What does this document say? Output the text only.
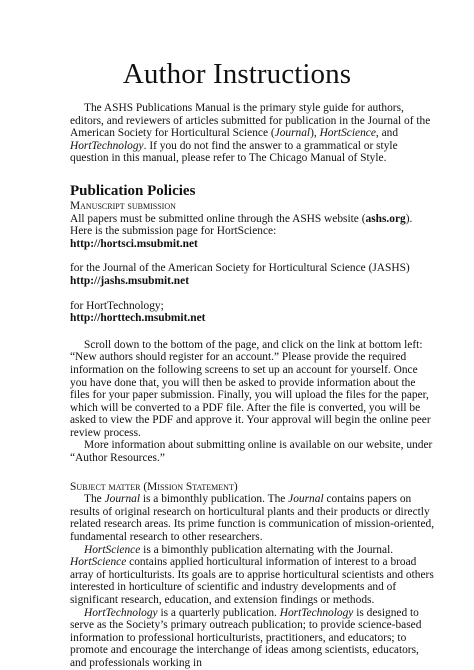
Author Instructions

The ASHS Publications Manual is the primary style guide for authors, editors, and reviewers of articles submitted for publication in the Journal of the American Society for Horticultural Science (Journal), HortScience, and HortTechnology. If you do not find the answer to a grammatical or style question in this manual, please refer to The Chicago Manual of Style.

Publication Policies
Manuscript submission

All papers must be submitted online through the ASHS website (ashs.org). Here is the submission page for HortScience:

http://hortsci.msubmit.net

for the Journal of the American Society for Horticultural Science (JASHS)

http://jashs.msubmit.net

for HortTechnology;

http://horttech.msubmit.net

Scroll down to the bottom of the page, and click on the link at bottom left: “New authors should register for an account.” Please provide the required information on the following screens to set up an account for yourself. Once you have done that, you will then be asked to provide information about the files for your paper submission. Finally, you will upload the files for the paper, which will be converted to a PDF file. After the file is converted, you will be asked to view the PDF and approve it. Your approval will begin the online peer review process.

More information about submitting online is available on our website, under “Author Resources.”

Subject matter (Mission Statement)

The Journal is a bimonthly publication. The Journal contains papers on results of original research on horticultural plants and their products or directly related research areas. Its prime function is communication of mission-oriented, fundamental research to other researchers.

HortScience is a bimonthly publication alternating with the Journal. HortScience contains applied horticultural information of interest to a broad array of horticulturists. Its goals are to apprise horticultural scientists and others interested in horticulture of scientific and industry developments and of significant research, education, and extension findings or methods.

HortTechnology is a quarterly publication. HortTechnology is designed to serve as the Society’s primary outreach publication; to provide science-based information to professional horticulturists, practitioners, and educators; to promote and encourage the interchange of ideas among scientists, educators, and professionals working in
